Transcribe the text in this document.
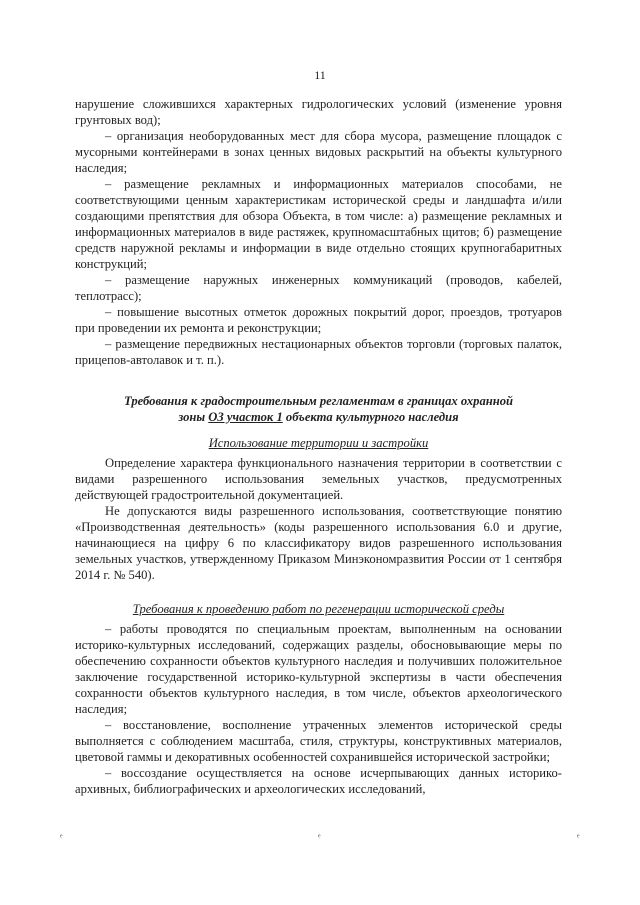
11

нарушение сложившихся характерных гидрологических условий (изменение уровня грунтовых вод);

– организация необорудованных мест для сбора мусора, размещение площадок с мусорными контейнерами в зонах ценных видовых раскрытий на объекты культурного наследия;

– размещение рекламных и информационных материалов способами, не соответствующими ценным характеристикам исторической среды и ландшафта и/или создающими препятствия для обзора Объекта, в том числе: а) размещение рекламных и информационных материалов в виде растяжек, крупномасштабных щитов; б) размещение средств наружной рекламы и информации в виде отдельно стоящих крупногабаритных конструкций;

– размещение наружных инженерных коммуникаций (проводов, кабелей, теплотрасс);

– повышение высотных отметок дорожных покрытий дорог, проездов, тротуаров при проведении их ремонта и реконструкции;

– размещение передвижных нестационарных объектов торговли (торговых палаток, прицепов-автолавок и т. п.).

Требования к градостроительным регламентам в границах охранной
зоны ОЗ участок 1 объекта культурного наследия
Использование территории и застройки

Определение характера функционального назначения территории в соответствии с видами разрешенного использования земельных участков, предусмотренных действующей градостроительной документацией.

Не допускаются виды разрешенного использования, соответствующие понятию «Производственная деятельность» (коды разрешенного использования 6.0 и другие, начинающиеся на цифру 6 по классификатору видов разрешенного использования земельных участков, утвержденному Приказом Минэкономразвития России от 1 сентября 2014 г. № 540).

Требования к проведению работ по регенерации исторической среды

– работы проводятся по специальным проектам, выполненным на основании историко-культурных исследований, содержащих разделы, обосновывающие меры по обеспечению сохранности объектов культурного наследия и получивших положительное заключение государственной историко-культурной экспертизы в части обеспечения сохранности объектов культурного наследия, в том числе, объектов археологического наследия;

– восстановление, восполнение утраченных элементов исторической среды выполняется с соблюдением масштаба, стиля, структуры, конструктивных материалов, цветовой гаммы и декоративных особенностей сохранившейся исторической застройки;

– воссоздание осуществляется на основе исчерпывающих данных историко-архивных, библиографических и археологических исследований,

ᵉ	ᵉ	ᵉ
